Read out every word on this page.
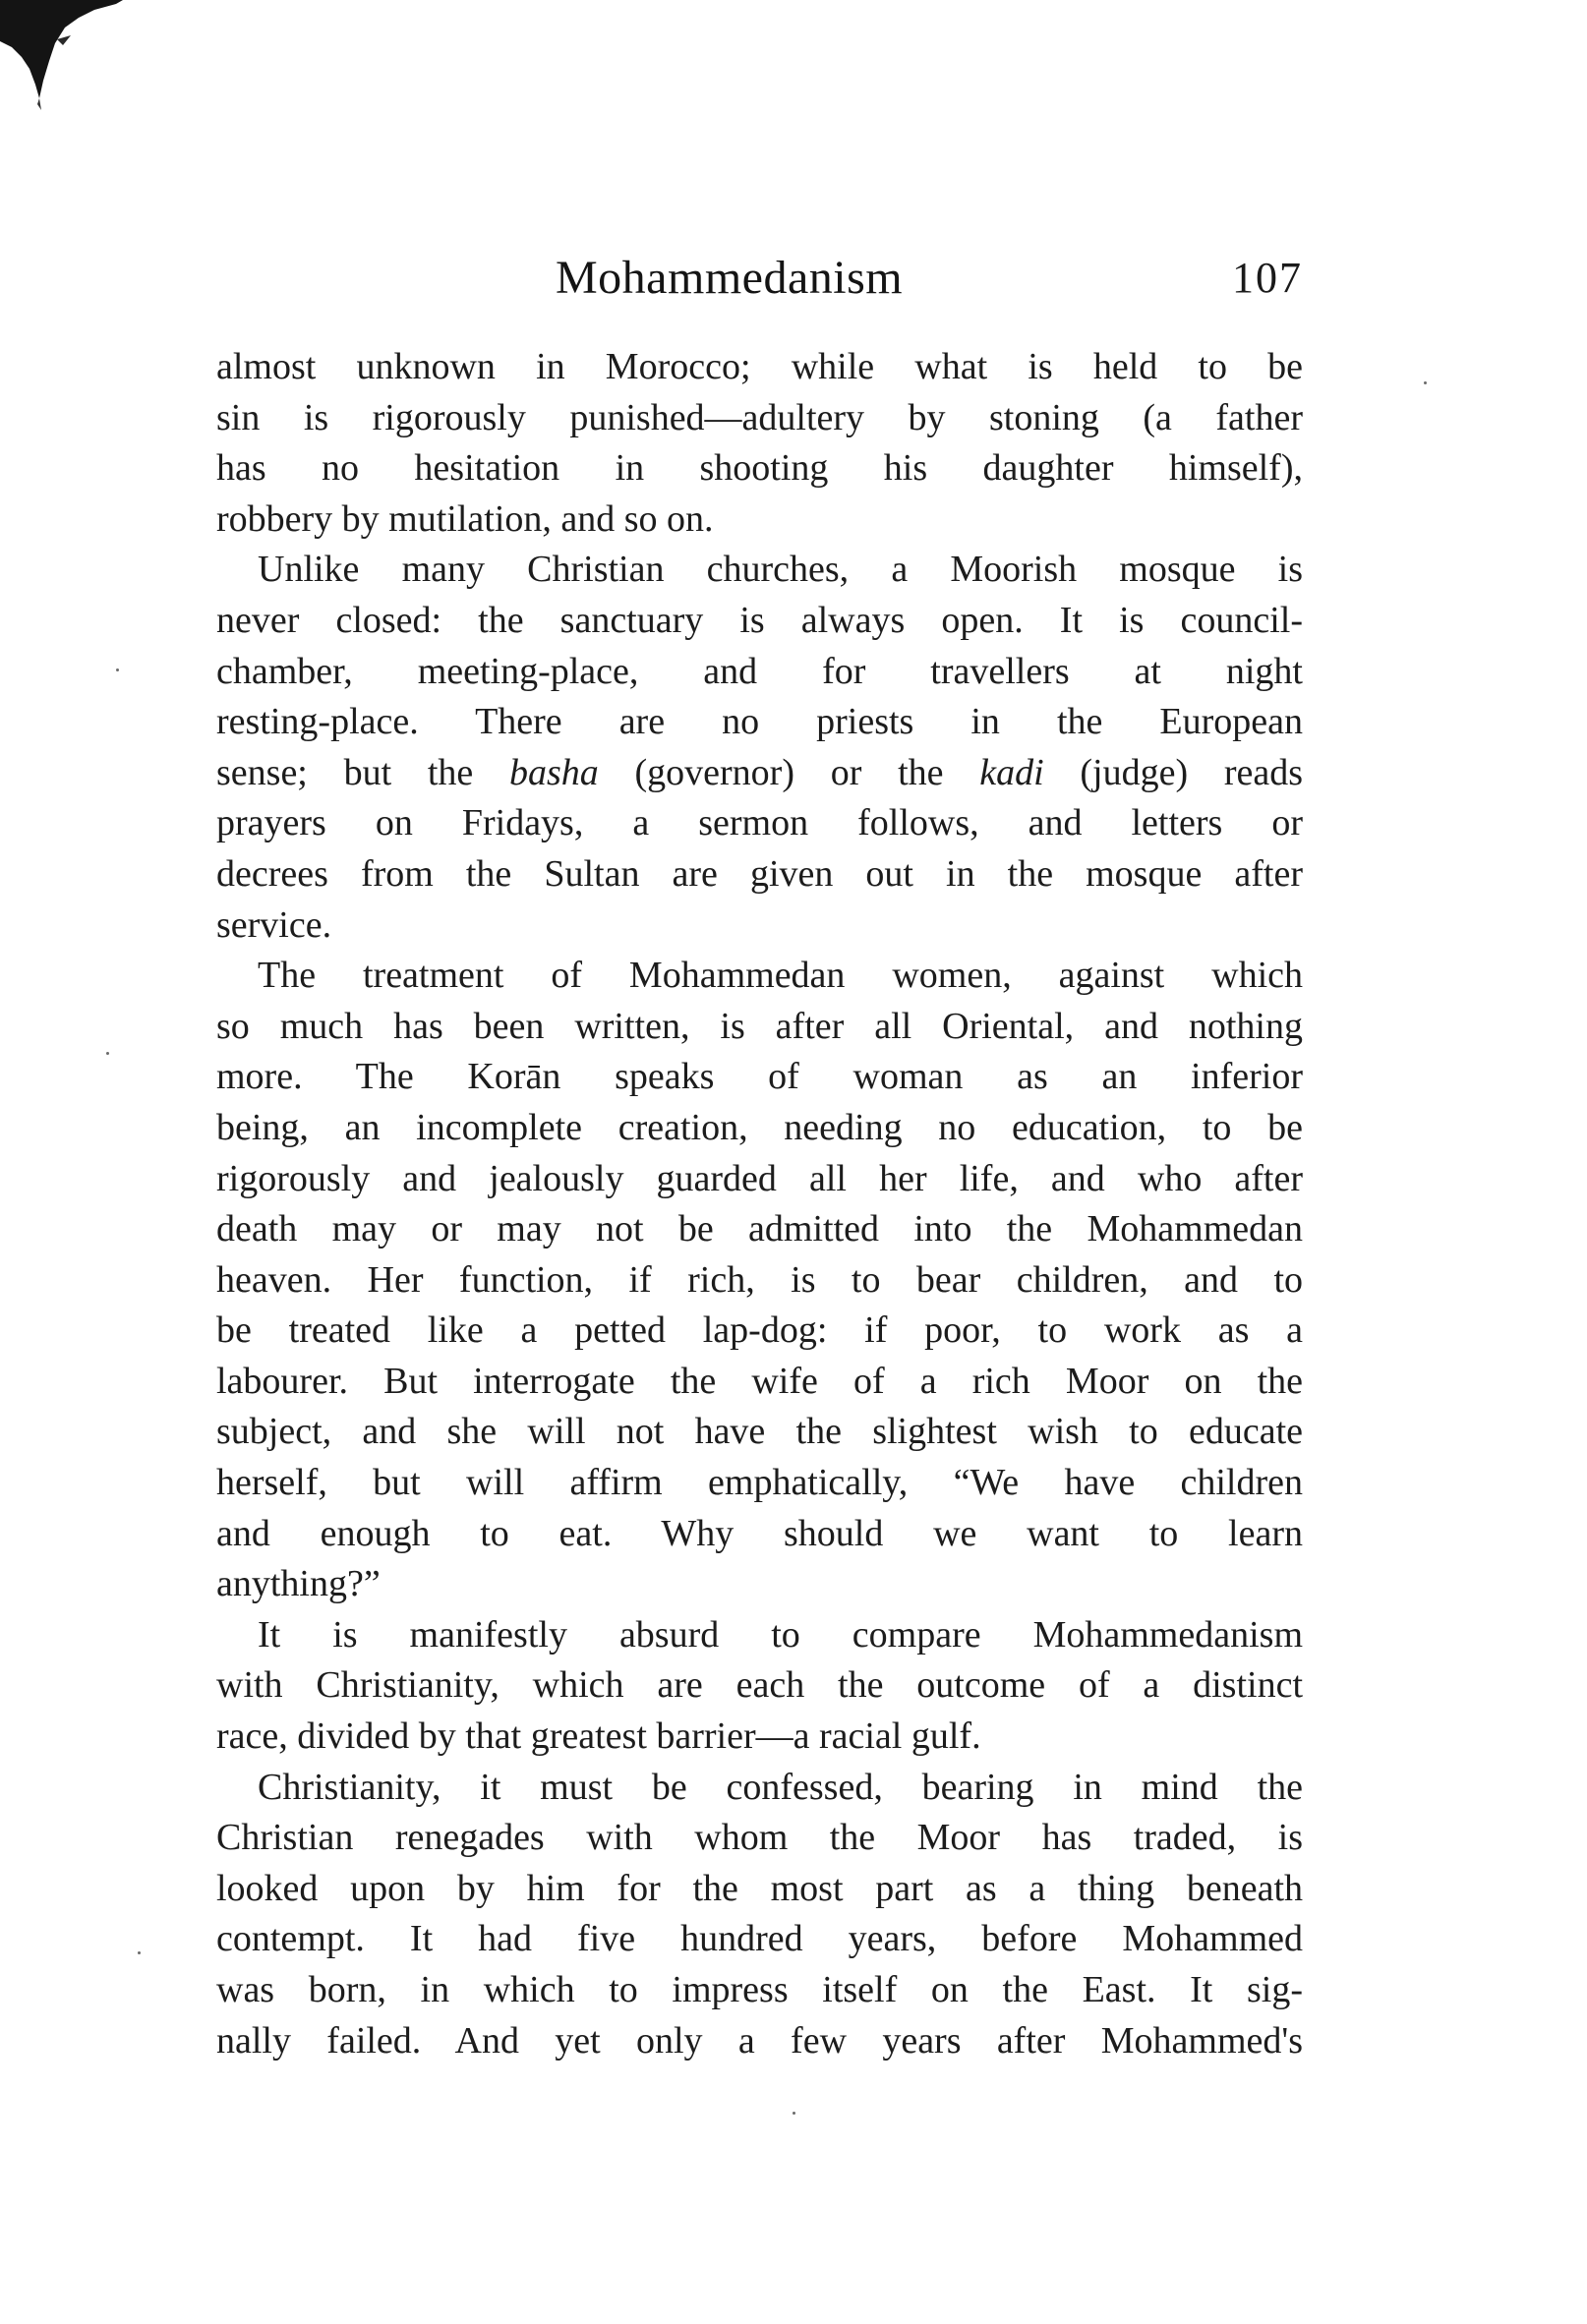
Mohammedanism	107
almost unknown in Morocco; while what is held to be
sin is rigorously punished—adultery by stoning (a father
has no hesitation in shooting his daughter himself),
robbery by mutilation, and so on.
Unlike many Christian churches, a Moorish mosque is
never closed: the sanctuary is always open. It is council-
chamber, meeting-place, and for travellers at night
resting-place. There are no priests in the European
sense; but the basha (governor) or the kadi (judge) reads
prayers on Fridays, a sermon follows, and letters or
decrees from the Sultan are given out in the mosque after
service.
The treatment of Mohammedan women, against which
so much has been written, is after all Oriental, and nothing
more. The Korān speaks of woman as an inferior
being, an incomplete creation, needing no education, to be
rigorously and jealously guarded all her life, and who after
death may or may not be admitted into the Mohammedan
heaven. Her function, if rich, is to bear children, and to
be treated like a petted lap-dog: if poor, to work as a
labourer. But interrogate the wife of a rich Moor on the
subject, and she will not have the slightest wish to educate
herself, but will affirm emphatically, “We have children
and enough to eat. Why should we want to learn
anything?”
It is manifestly absurd to compare Mohammedanism
with Christianity, which are each the outcome of a distinct
race, divided by that greatest barrier—a racial gulf.
Christianity, it must be confessed, bearing in mind the
Christian renegades with whom the Moor has traded, is
looked upon by him for the most part as a thing beneath
contempt. It had five hundred years, before Mohammed
was born, in which to impress itself on the East. It sig-
nally failed. And yet only a few years after Mohammed's
